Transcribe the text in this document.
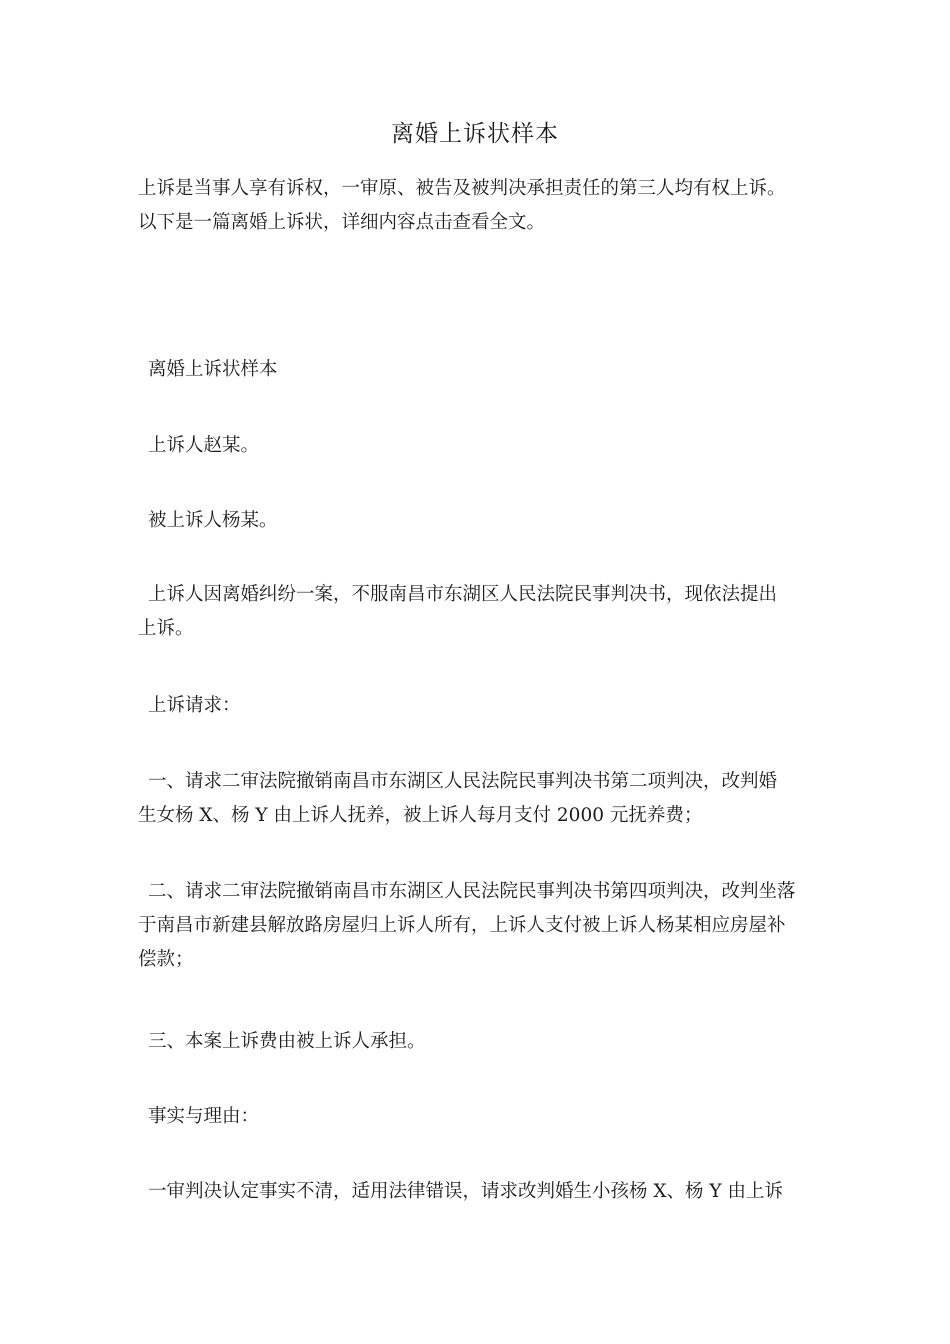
离婚上诉状样本

上诉是当事人享有诉权，一审原、被告及被判决承担责任的第三人均有权上诉。
以下是一篇离婚上诉状，详细内容点击查看全文。

离婚上诉状样本

上诉人赵某。

被上诉人杨某。

上诉人因离婚纠纷一案，不服南昌市东湖区人民法院民事判决书，现依法提出
上诉。

上诉请求：

一、请求二审法院撤销南昌市东湖区人民法院民事判决书第二项判决，改判婚
生女杨 X、杨 Y 由上诉人抚养，被上诉人每月支付 2000 元抚养费；

二、请求二审法院撤销南昌市东湖区人民法院民事判决书第四项判决，改判坐落
于南昌市新建县解放路房屋归上诉人所有，上诉人支付被上诉人杨某相应房屋补
偿款；

三、本案上诉费由被上诉人承担。

事实与理由：

一审判决认定事实不清，适用法律错误，请求改判婚生小孩杨 X、杨 Y 由上诉
